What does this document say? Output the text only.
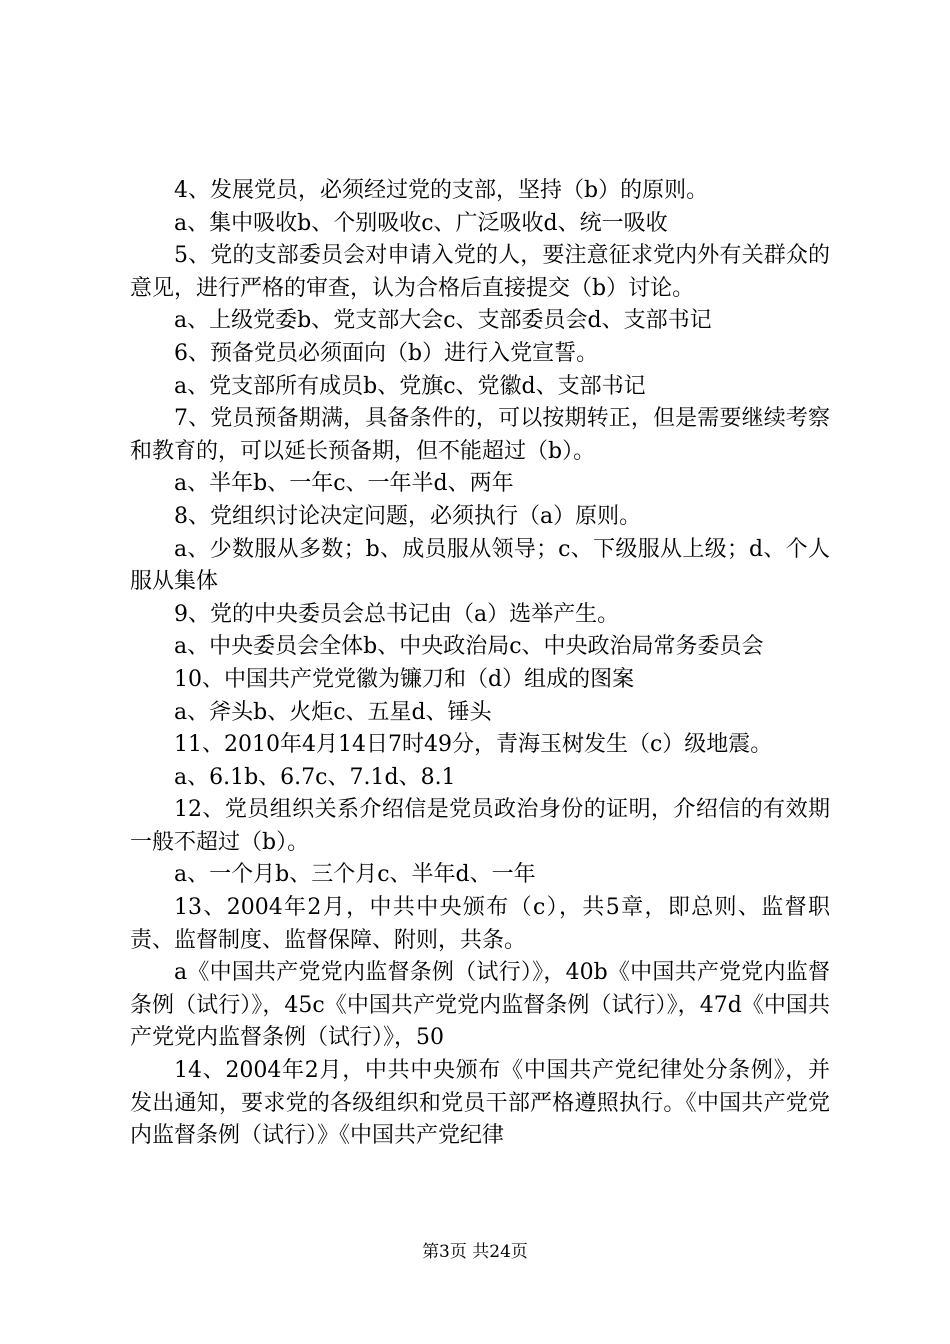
4、发展党员，必须经过党的支部，坚持（b）的原则。

a、集中吸收b、个别吸收c、广泛吸收d、统一吸收

5、党的支部委员会对申请入党的人，要注意征求党内外有关群众的意见，进行严格的审查，认为合格后直接提交（b）讨论。

a、上级党委b、党支部大会c、支部委员会d、支部书记

6、预备党员必须面向（b）进行入党宣誓。

a、党支部所有成员b、党旗c、党徽d、支部书记

7、党员预备期满，具备条件的，可以按期转正，但是需要继续考察和教育的，可以延长预备期，但不能超过（b）。

a、半年b、一年c、一年半d、两年

8、党组织讨论决定问题，必须执行（a）原则。

a、少数服从多数；b、成员服从领导；c、下级服从上级；d、个人服从集体

9、党的中央委员会总书记由（a）选举产生。

a、中央委员会全体b、中央政治局c、中央政治局常务委员会

10、中国共产党党徽为镰刀和（d）组成的图案

a、斧头b、火炬c、五星d、锤头

11、2010年4月14日7时49分，青海玉树发生（c）级地震。

a、6.1b、6.7c、7.1d、8.1

12、党员组织关系介绍信是党员政治身份的证明，介绍信的有效期一般不超过（b）。

a、一个月b、三个月c、半年d、一年

13、2004年2月，中共中央颁布（c），共5章，即总则、监督职责、监督制度、监督保障、附则，共条。

a《中国共产党党内监督条例（试行）》，40b《中国共产党党内监督条例（试行）》，45c《中国共产党党内监督条例（试行）》，47d《中国共产党党内监督条例（试行）》，50

14、2004年2月，中共中央颁布《中国共产党纪律处分条例》，并发出通知，要求党的各级组织和党员干部严格遵照执行。《中国共产党党内监督条例（试行）》《中国共产党纪律

第3页 共24页
